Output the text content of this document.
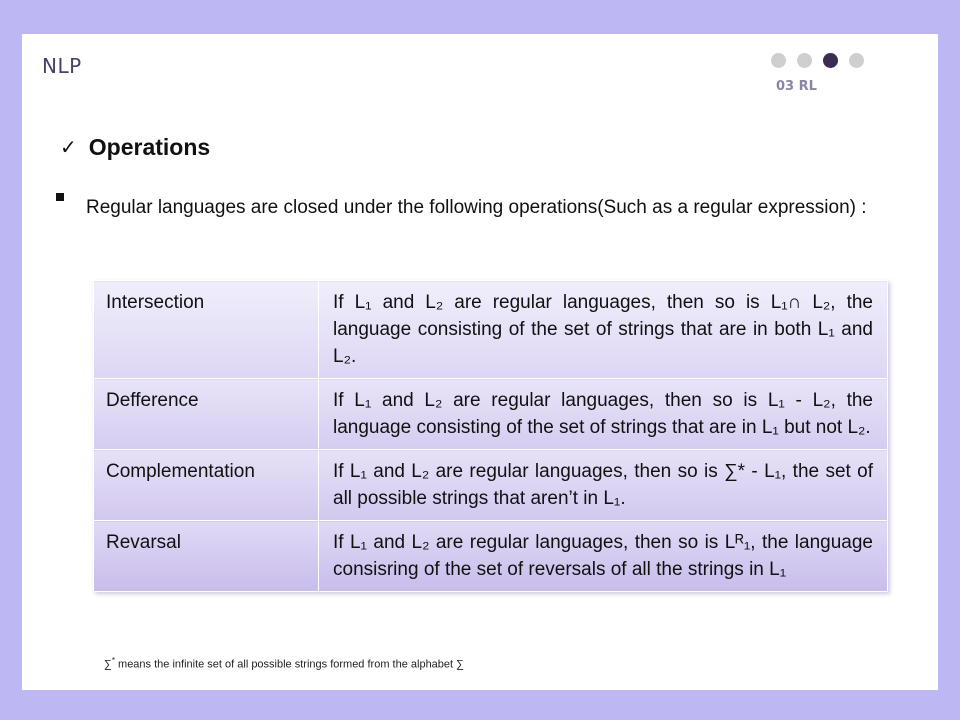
NLP
03 RL
✓ Operations

Regular languages are closed under the following operations(Such as a regular expression) :

Intersection	If L₁ and L₂ are regular languages, then so is L₁∩ L₂, the language consisting of the set of strings that are in both L₁ and L₂.
Defference	If L₁ and L₂ are regular languages, then so is L₁ - L₂, the language consisting of the set of strings that are in L₁ but not L₂.
Complementation	If L₁ and L₂ are regular languages, then so is ∑* - L₁, the set of all possible strings that aren’t in L₁.
Revarsal	If L₁ and L₂ are regular languages, then so is Lᴿ₁, the language consisring of the set of reversals of all the strings in L₁
∑* means the infinite set of all possible strings formed from the alphabet ∑
